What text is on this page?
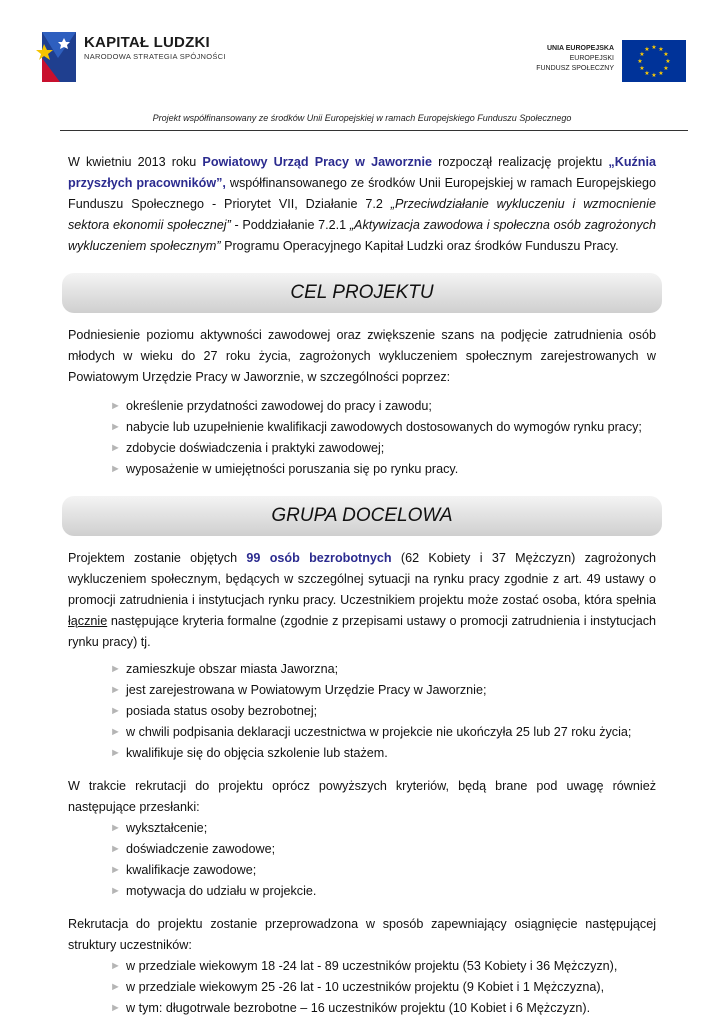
KAPITAŁ LUDZKI
NARODOWA STRATEGIA SPÓJNOŚCI
UNIA EUROPEJSKA
EUROPEJSKI
FUNDUSZ SPOŁECZNY
★ ★
★
★
★
★
★
★
★
★
★
★
Projekt współfinansowany ze środków Unii Europejskiej w ramach Europejskiego Funduszu Społecznego

W kwietniu 2013 roku Powiatowy Urząd Pracy w Jaworznie rozpoczął realizację projektu „Kuźnia przyszłych pracowników”, współfinansowanego ze środków Unii Europejskiej w ramach Europejskiego Funduszu Społecznego - Priorytet VII, Działanie 7.2 „Przeciwdziałanie wykluczeniu i wzmocnienie sektora ekonomii społecznej” - Poddziałanie 7.2.1 „Aktywizacja zawodowa i społeczna osób zagrożonych wykluczeniem społecznym” Programu Operacyjnego Kapitał Ludzki oraz środków Funduszu Pracy.

CEL PROJEKTU

Podniesienie poziomu aktywności zawodowej oraz zwiększenie szans na podjęcie zatrudnienia osób młodych w wieku do 27 roku życia, zagrożonych wykluczeniem społecznym zarejestrowanych w Powiatowym Urzędzie Pracy w Jaworznie, w szczególności poprzez:

► określenie przydatności zawodowej do pracy i zawodu;
► nabycie lub uzupełnienie kwalifikacji zawodowych dostosowanych do wymogów rynku pracy;
► zdobycie doświadczenia i praktyki zawodowej;
► wyposażenie w umiejętności poruszania się po rynku pracy.
GRUPA DOCELOWA

Projektem zostanie objętych 99 osób bezrobotnych (62 Kobiety i 37 Mężczyzn) zagrożonych wykluczeniem społecznym, będących w szczególnej sytuacji na rynku pracy zgodnie z art. 49 ustawy o promocji zatrudnienia i instytucjach rynku pracy. Uczestnikiem projektu może zostać osoba, która spełnia łącznie następujące kryteria formalne (zgodnie z przepisami ustawy o promocji zatrudnienia i instytucjach rynku pracy) tj.

► zamieszkuje obszar miasta Jaworzna;
► jest zarejestrowana w Powiatowym Urzędzie Pracy w Jaworznie;
► posiada status osoby bezrobotnej;
► w chwili podpisania deklaracji uczestnictwa w projekcie nie ukończyła 25 lub 27 roku życia;
► kwalifikuje się do objęcia szkolenie lub stażem.

W trakcie rekrutacji do projektu oprócz powyższych kryteriów, będą brane pod uwagę również następujące przesłanki:

► wykształcenie;
► doświadczenie zawodowe;
► kwalifikacje zawodowe;
► motywacja do udziału w projekcie.

Rekrutacja do projektu zostanie przeprowadzona w sposób zapewniający osiągnięcie następującej struktury uczestników:

► w przedziale wiekowym 18 -24 lat - 89 uczestników projektu (53 Kobiety i 36 Mężczyzn),
► w przedziale wiekowym 25 -26 lat - 10 uczestników projektu (9 Kobiet i 1 Mężczyzna),
► w tym: długotrwale bezrobotne – 16 uczestników projektu (10 Kobiet i 6 Mężczyzn).
